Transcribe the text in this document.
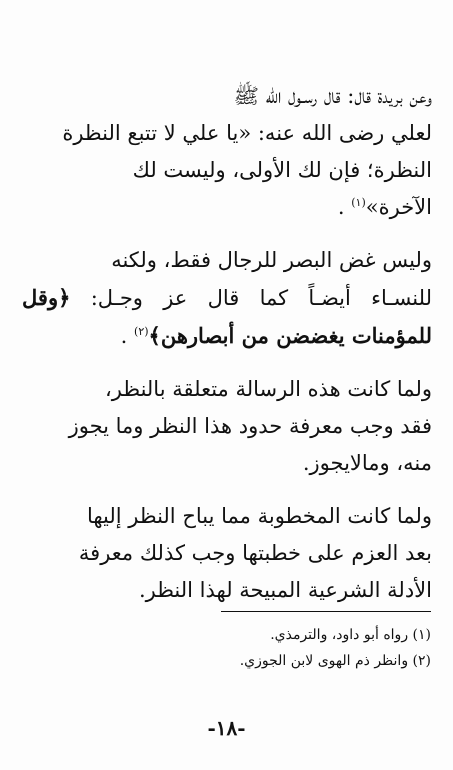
وعن بريدة قال: قال رسـول الله ﷺ
لعلي رضى الله عنه: «يا علي لا تتبع النظرة
النظرة؛ فإن لك الأولى، وليست لك
الآخرة»$^{(١)}$ .

وليس غض البصر للرجال فقط، ولكنه
للنسـاء أيضـاً كما قال عز وجـل: ﴿وقل للمؤمنات يغضضن من أبصارهن﴾$^{(٢)}$ .

ولما كانت هذه الرسالة متعلقة بالنظر،
فقد وجب معرفة حدود هذا النظر وما يجوز
منه، ومالايجوز.

ولما كانت المخطوبة مما يباح النظر إليها
بعد العزم على خطبتها وجب كذلك معرفة
الأدلة الشرعية المبيحة لهذا النظر.

(١) رواه أبو داود، والترمذي.

(٢) وانظر ذم الهوى لابن الجوزي.

-١٨-
